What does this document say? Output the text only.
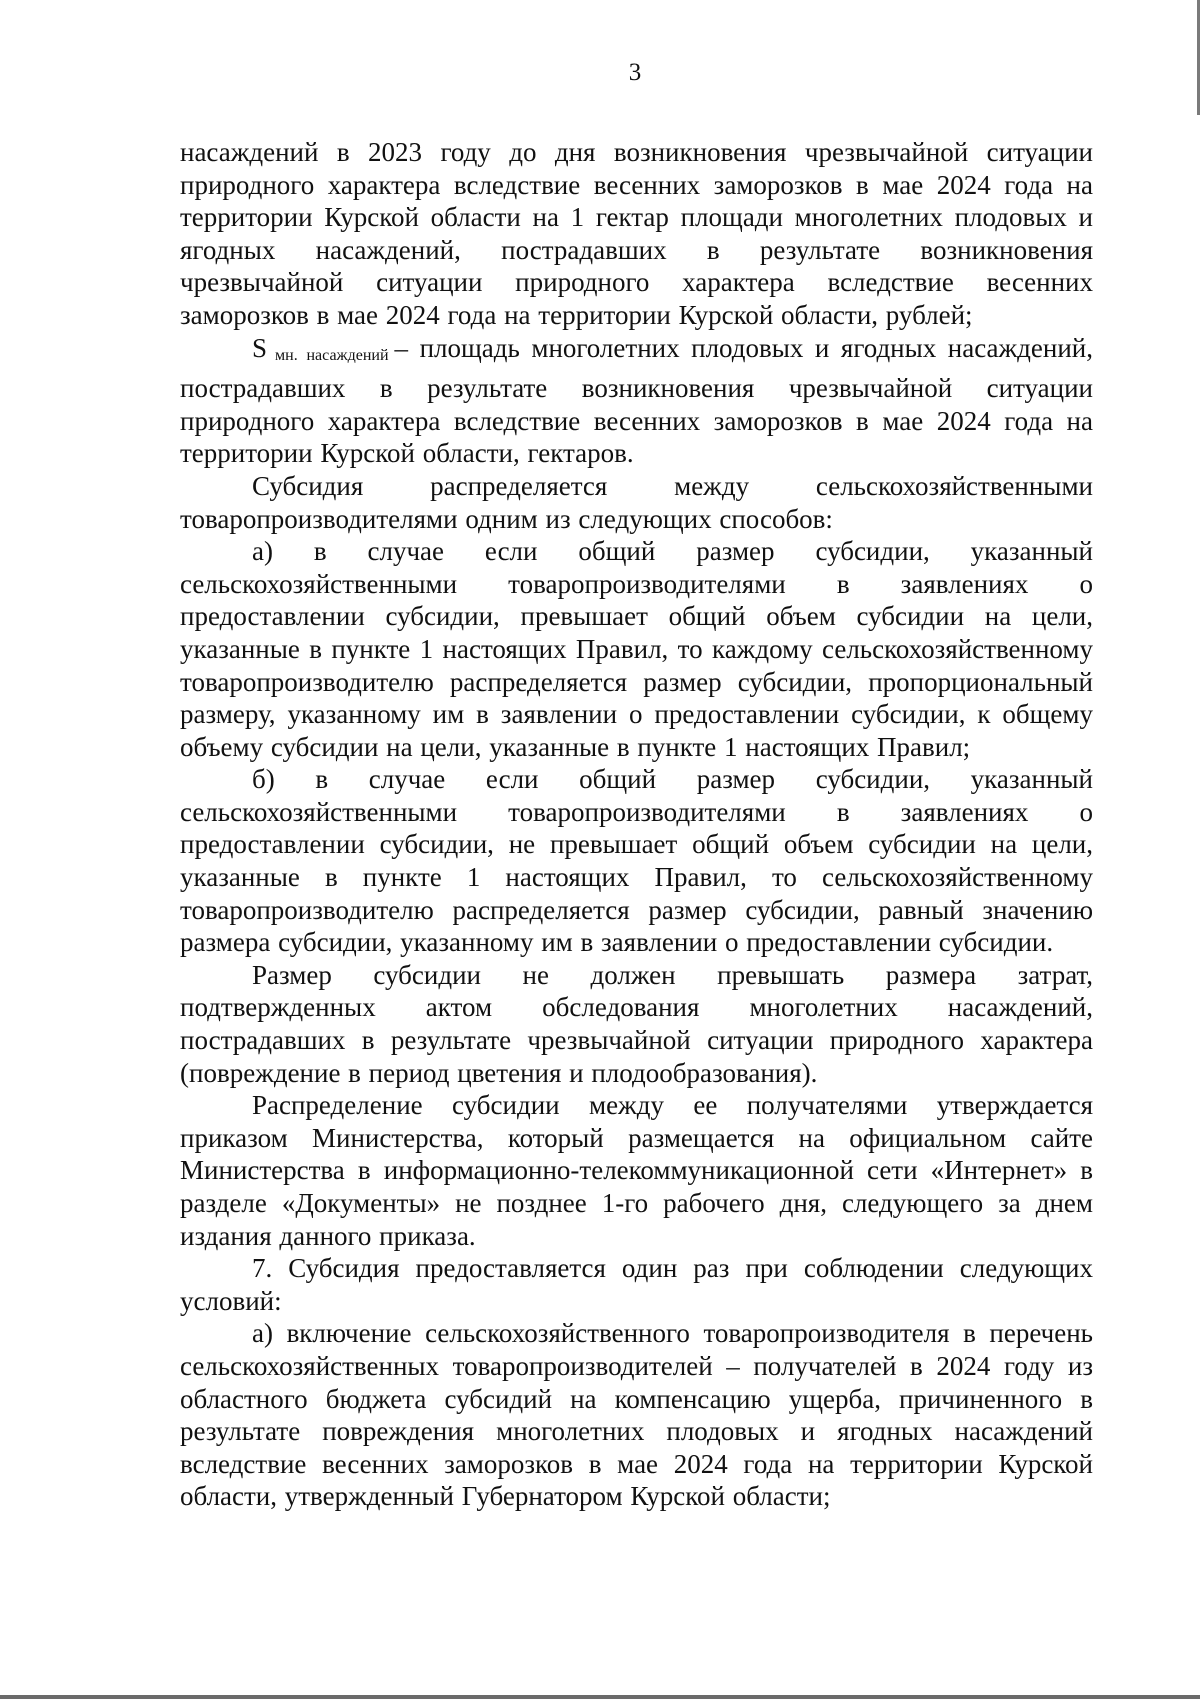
3

насаждений в 2023 году до дня возникновения чрезвычайной ситуации природного характера вследствие весенних заморозков в мае 2024 года на территории Курской области на 1 гектар площади многолетних плодовых и ягодных насаждений, пострадавших в результате возникновения чрезвычайной ситуации природного характера вследствие весенних заморозков в мае 2024 года на территории Курской области, рублей;

Sмн. насаждений – площадь многолетних плодовых и ягодных насаждений, пострадавших в результате возникновения чрезвычайной ситуации природного характера вследствие весенних заморозков в мае 2024 года на территории Курской области, гектаров.

Субсидия распределяется между сельскохозяйственными товаропроизводителями одним из следующих способов:

а) в случае если общий размер субсидии, указанный сельскохозяйственными товаропроизводителями в заявлениях о предоставлении субсидии, превышает общий объем субсидии на цели, указанные в пункте 1 настоящих Правил, то каждому сельскохозяйственному товаропроизводителю распределяется размер субсидии, пропорциональный размеру, указанному им в заявлении о предоставлении субсидии, к общему объему субсидии на цели, указанные в пункте 1 настоящих Правил;

б) в случае если общий размер субсидии, указанный сельскохозяйственными товаропроизводителями в заявлениях о предоставлении субсидии, не превышает общий объем субсидии на цели, указанные в пункте 1 настоящих Правил, то сельскохозяйственному товаропроизводителю распределяется размер субсидии, равный значению размера субсидии, указанному им в заявлении о предоставлении субсидии.

Размер субсидии не должен превышать размера затрат, подтвержденных актом обследования многолетних насаждений, пострадавших в результате чрезвычайной ситуации природного характера (повреждение в период цветения и плодообразования).

Распределение субсидии между ее получателями утверждается приказом Министерства, который размещается на официальном сайте Министерства в информационно-телекоммуникационной сети «Интернет» в разделе «Документы» не позднее 1-го рабочего дня, следующего за днем издания данного приказа.

7. Субсидия предоставляется один раз при соблюдении следующих условий:

а) включение сельскохозяйственного товаропроизводителя в перечень сельскохозяйственных товаропроизводителей – получателей в 2024 году из областного бюджета субсидий на компенсацию ущерба, причиненного в результате повреждения многолетних плодовых и ягодных насаждений вследствие весенних заморозков в мае 2024 года на территории Курской области, утвержденный Губернатором Курской области;
